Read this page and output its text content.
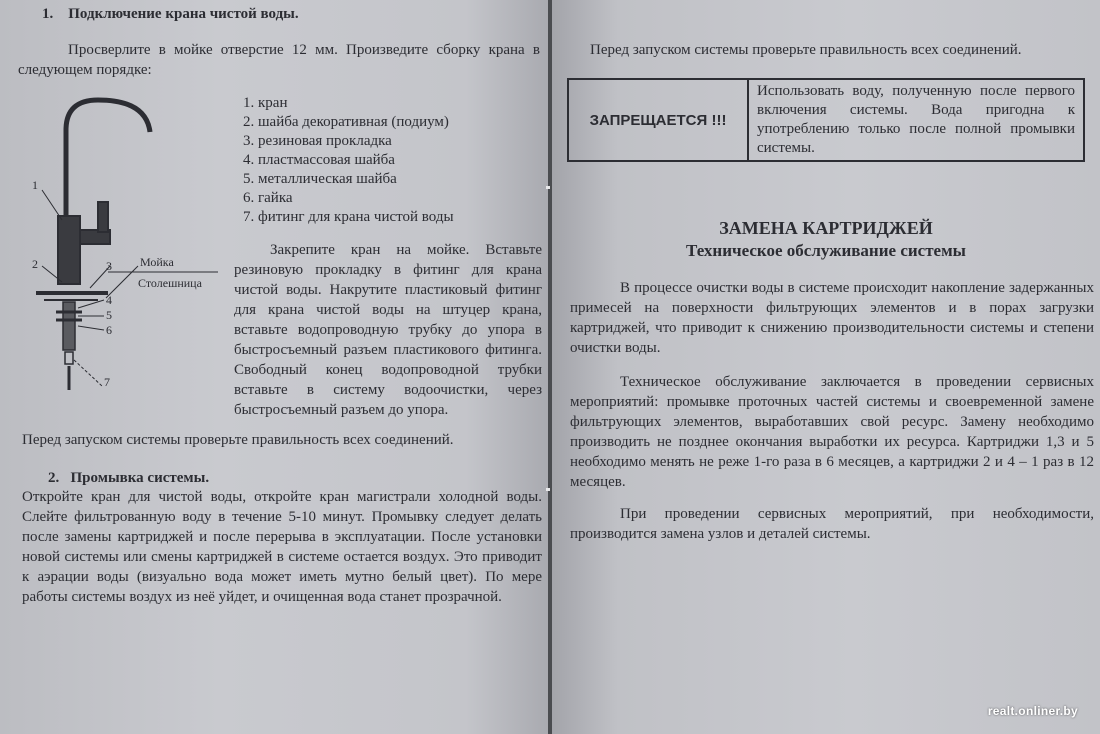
1.    Подключение крана чистой воды.

Просверлите в мойке отверстие 12 мм. Произведите сборку крана в следующем порядке:

1
2	3 Мойка
Столешница
4
5
6
7
1. кран
2. шайба декоративная (подиум)
3. резиновая прокладка
4. пластмассовая шайба
5. металлическая шайба
6. гайка
7. фитинг для крана чистой воды

Закрепите кран на мойке. Вставьте резиновую прокладку в фитинг для крана чистой воды. Накрутите пластиковый фитинг для крана чистой воды на штуцер крана, вставьте водопроводную трубку до упора в быстросъемный разъем пластикового фитинга. Свободный конец водопроводной трубки вставьте в систему водоочистки, через быстросъемный разъем до упора.

Перед запуском системы проверьте правильность всех соединений.

2.   Промывка системы.

Откройте кран для чистой воды, откройте кран магистрали холодной воды. Слейте фильтрованную воду в течение 5-10 минут. Промывку следует делать после замены картриджей и после перерыва в эксплуатации. После установки новой системы или смены картриджей в системе остается воздух. Это приводит к аэрации воды (визуально вода может иметь мутно белый цвет). По мере работы системы воздух из неё уйдет, и очищенная вода станет прозрачной.

Перед запуском системы проверьте правильность всех соединений.

ЗАПРЕЩАЕТСЯ !!!	Использовать воду, полученную после первого включения системы. Вода пригодна к употреблению только после полной промывки системы.

ЗАМЕНА КАРТРИДЖЕЙ

Техническое обслуживание системы

В процессе очистки воды в системе происходит накопление задержанных примесей на поверхности фильтрующих элементов и в порах загрузки картриджей, что приводит к снижению производительности системы и степени очистки воды.

Техническое обслуживание заключается в проведении сервисных мероприятий: промывке проточных частей системы и своевременной замене фильтрующих элементов, выработавших свой ресурс. Замену необходимо производить не позднее окончания выработки их ресурса. Картриджи 1,3 и 5 необходимо менять не реже 1-го раза в 6 месяцев, а картриджи 2 и 4 – 1 раз в 12 месяцев.

При проведении сервисных мероприятий, при необходимости, производится замена узлов и деталей системы.

realt.onliner.by
